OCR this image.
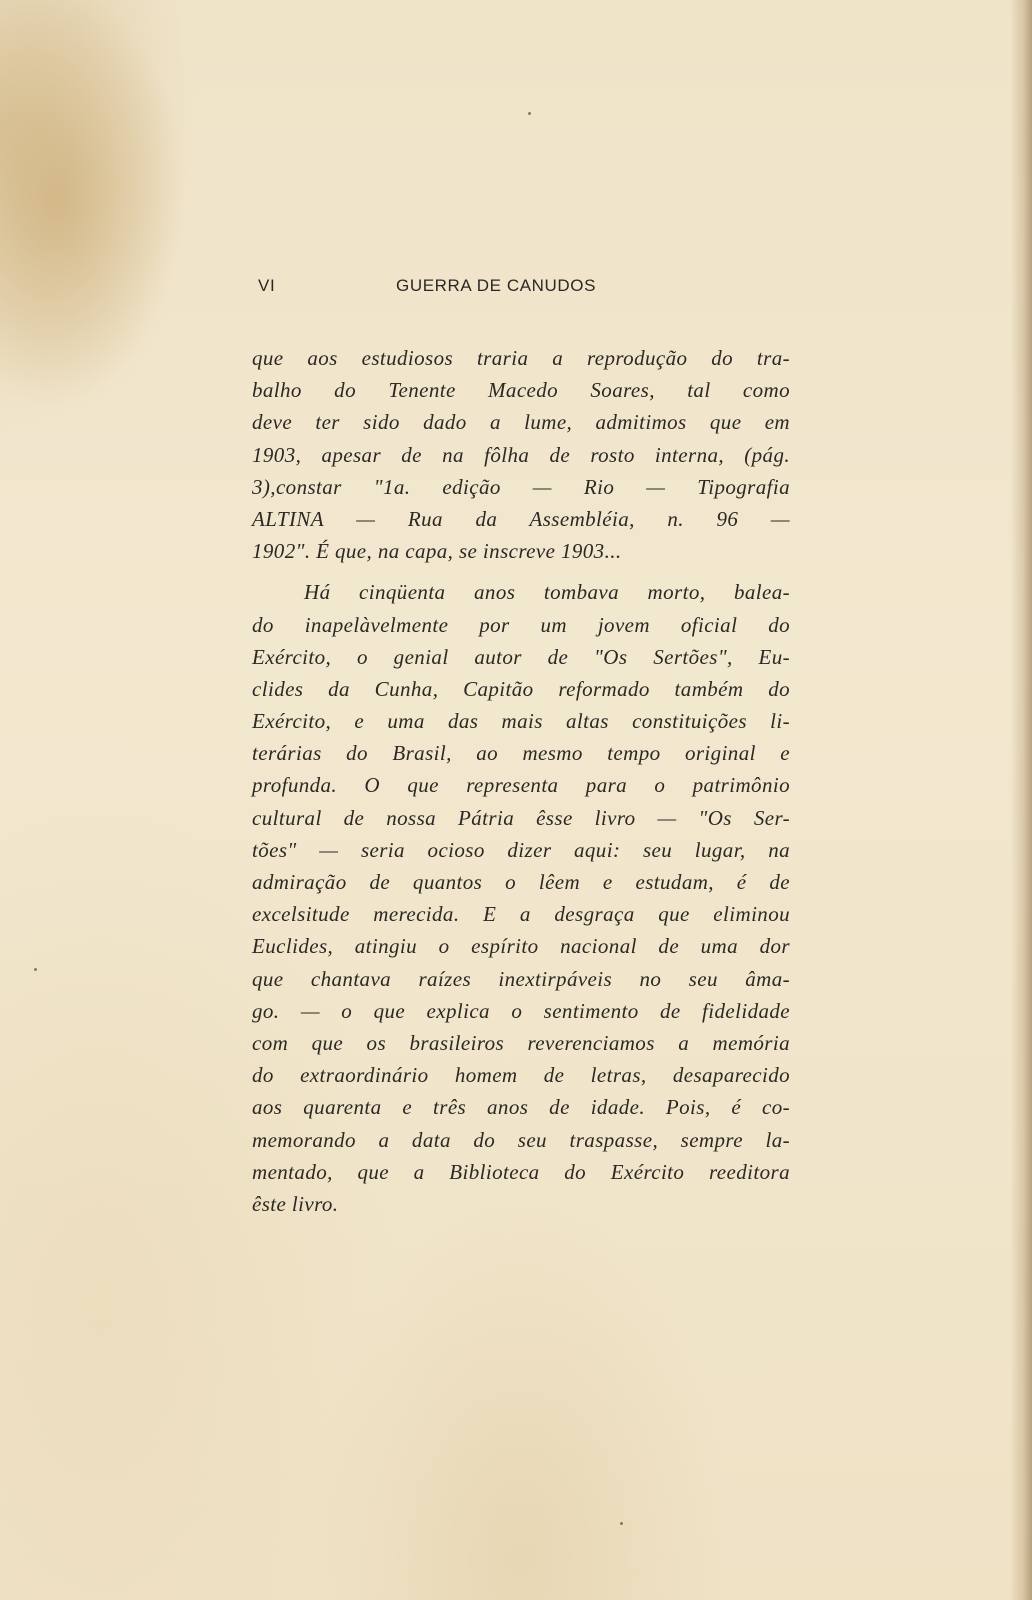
VI	GUERRA DE CANUDOS
que aos estudiosos traria a reprodução do tra-
balho do Tenente Macedo Soares, tal como
deve ter sido dado a lume, admitimos que em
1903, apesar de na fôlha de rosto interna, (pág.
3),constar "1a. edição — Rio — Tipografia
ALTINA — Rua da Assembléia, n. 96 —
1902". É que, na capa, se inscreve 1903...
Há cinqüenta anos tombava morto, balea-
do inapelàvelmente por um jovem oficial do
Exército, o genial autor de "Os Sertões", Eu-
clides da Cunha, Capitão reformado também do
Exército, e uma das mais altas constituições li-
terárias do Brasil, ao mesmo tempo original e
profunda. O que representa para o patrimônio
cultural de nossa Pátria êsse livro — "Os Ser-
tões" — seria ocioso dizer aqui: seu lugar, na
admiração de quantos o lêem e estudam, é de
excelsitude merecida. E a desgraça que eliminou
Euclides, atingiu o espírito nacional de uma dor
que chantava raízes inextirpáveis no seu âma-
go. — o que explica o sentimento de fidelidade
com que os brasileiros reverenciamos a memória
do extraordinário homem de letras, desaparecido
aos quarenta e três anos de idade. Pois, é co-
memorando a data do seu traspasse, sempre la-
mentado, que a Biblioteca do Exército reeditora
êste livro.
